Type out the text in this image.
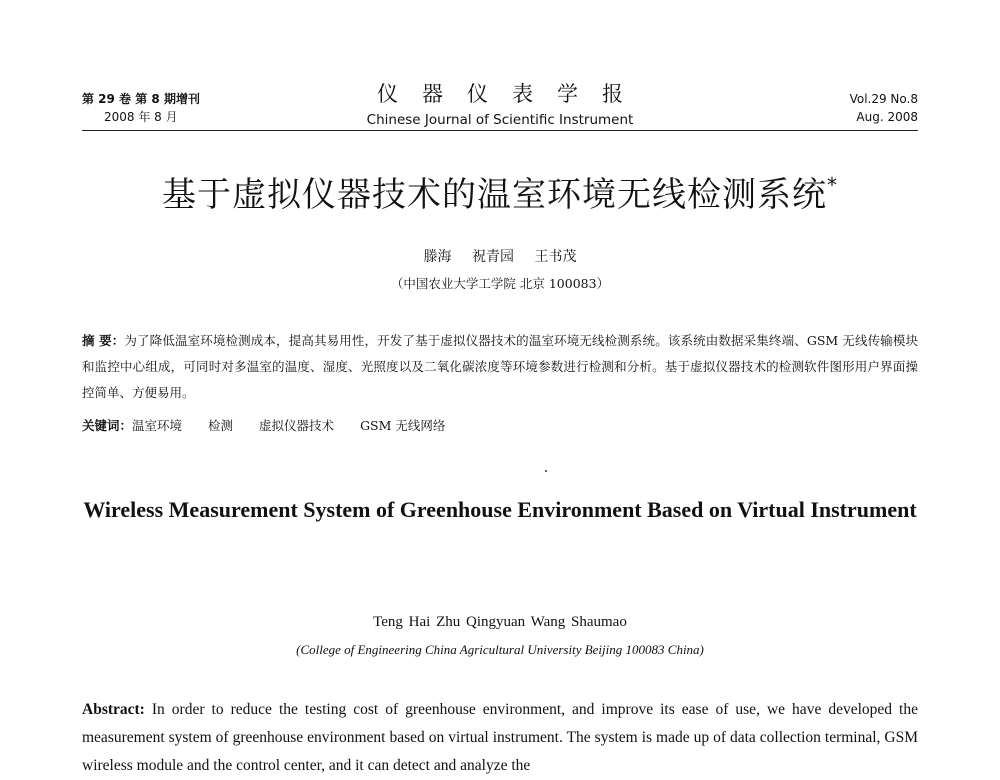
第 29 卷 第 8 期增刊
2008 年 8 月
仪器仪表学报
Chinese Journal of Scientific Instrument
Vol.29 No.8
Aug. 2008
基于虚拟仪器技术的温室环境无线检测系统*
滕海 祝青园 王书茂
（中国农业大学工学院 北京 100083）
摘 要：为了降低温室环境检测成本，提高其易用性，开发了基于虚拟仪器技术的温室环境无线检测系统。该系统由数据采集终端、GSM 无线传输模块和监控中心组成，可同时对多温室的温度、湿度、光照度以及二氧化碳浓度等环境参数进行检测和分析。基于虚拟仪器技术的检测软件图形用户界面操控简单、方便易用。
关键词：温室环境 检测 虚拟仪器技术 GSM 无线网络
Wireless Measurement System of Greenhouse Environment Based on Virtual Instrument
Teng Hai Zhu Qingyuan Wang Shaumao
(College of Engineering China Agricultural University Beijing 100083 China)
Abstract: In order to reduce the testing cost of greenhouse environment, and improve its ease of use, we have developed the measurement system of greenhouse environment based on virtual instrument. The system is made up of data collection terminal, GSM wireless module and the control center, and it can detect and analyze the
